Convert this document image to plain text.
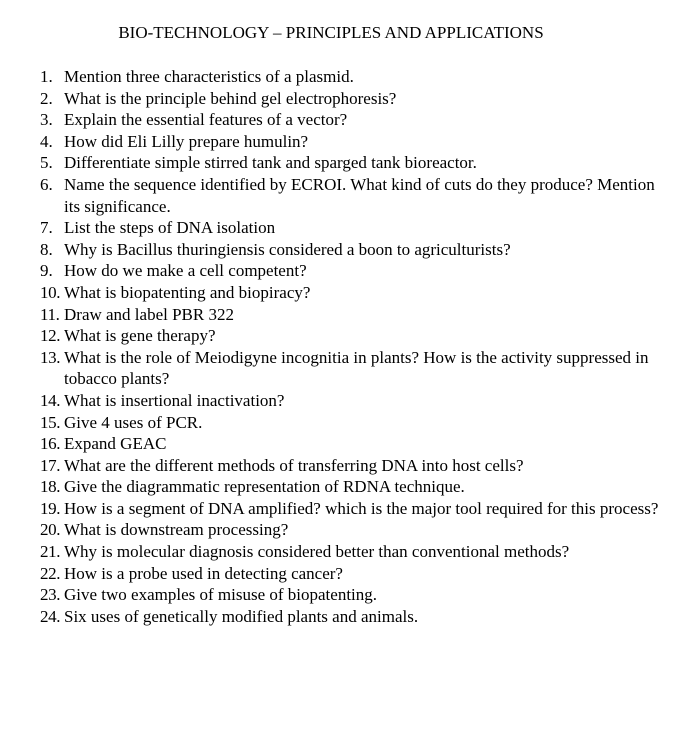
BIO-TECHNOLOGY – PRINCIPLES AND APPLICATIONS
1. Mention three characteristics of a plasmid.
2. What is the principle behind gel electrophoresis?
3. Explain the essential features of a vector?
4. How did Eli Lilly prepare humulin?
5. Differentiate simple stirred tank and sparged tank bioreactor.
6. Name the sequence identified by ECROI. What kind of cuts do they produce? Mention its significance.
7. List the steps of DNA isolation
8. Why is Bacillus thuringiensis considered a boon to agriculturists?
9. How do we make a cell competent?
10. What is biopatenting and biopiracy?
11. Draw and label PBR 322
12. What is gene therapy?
13. What is the role of Meiodigyne incognitia in plants? How is the activity suppressed in tobacco plants?
14. What is insertional inactivation?
15. Give 4 uses of PCR.
16. Expand GEAC
17. What are the different methods of transferring DNA into host cells?
18. Give the diagrammatic representation of RDNA technique.
19. How is a segment of DNA amplified? which is the major tool required for this process?
20. What is downstream processing?
21. Why is molecular diagnosis considered better than conventional methods?
22. How is a probe used in detecting cancer?
23. Give two examples of misuse of biopatenting.
24. Six uses of genetically modified plants and animals.
